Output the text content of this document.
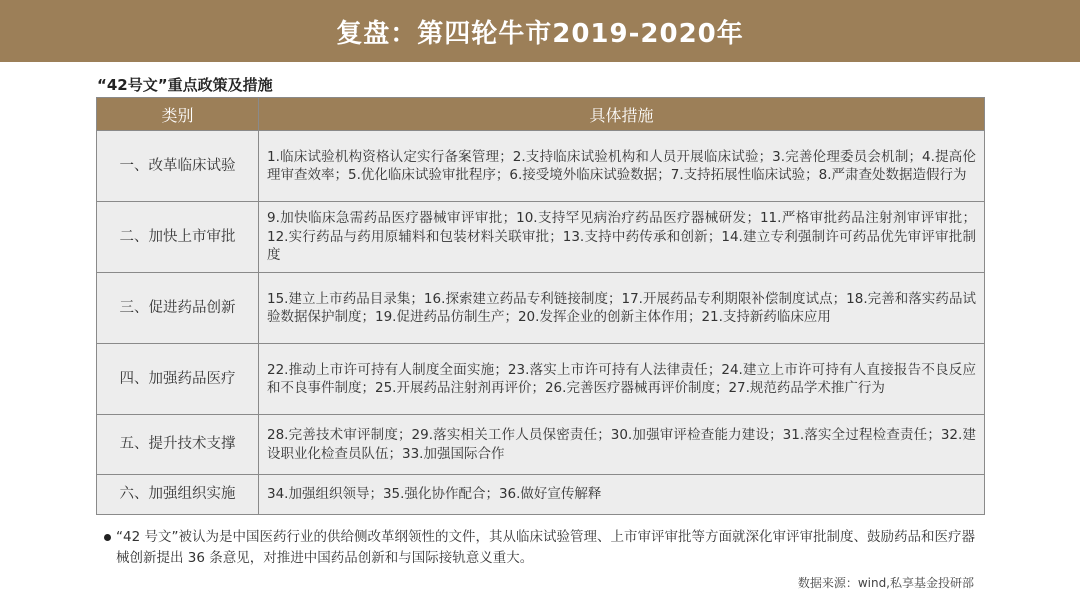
复盘：第四轮牛市2019-2020年
“42号文”重点政策及措施
类别	具体措施
一、改革临床试验	1.临床试验机构资格认定实行备案管理；2.支持临床试验机构和人员开展临床试验；3.完善伦理委员会机制；4.提高伦理审查效率；5.优化临床试验审批程序；6.接受境外临床试验数据；7.支持拓展性临床试验；8.严肃查处数据造假行为
二、加快上市审批	9.加快临床急需药品医疗器械审评审批；10.支持罕见病治疗药品医疗器械研发；11.严格审批药品注射剂审评审批；12.实行药品与药用原辅料和包装材料关联审批；13.支持中药传承和创新；14.建立专利强制许可药品优先审评审批制度
三、促进药品创新	15.建立上市药品目录集；16.探索建立药品专利链接制度；17.开展药品专利期限补偿制度试点；18.完善和落实药品试验数据保护制度；19.促进药品仿制生产；20.发挥企业的创新主体作用；21.支持新药临床应用
四、加强药品医疗	22.推动上市许可持有人制度全面实施；23.落实上市许可持有人法律责任；24.建立上市许可持有人直接报告不良反应和不良事件制度；25.开展药品注射剂再评价；26.完善医疗器械再评价制度；27.规范药品学术推广行为
五、提升技术支撑	28.完善技术审评制度；29.落实相关工作人员保密责任；30.加强审评检查能力建设；31.落实全过程检查责任；32.建设职业化检查员队伍；33.加强国际合作
六、加强组织实施	34.加强组织领导；35.强化协作配合；36.做好宣传解释
“42 号文”被认为是中国医药行业的供给侧改革纲领性的文件，其从临床试验管理、上市审评审批等方面就深化审评审批制度、鼓励药品和医疗器械创新提出 36 条意见，对推进中国药品创新和与国际接轨意义重大。
数据来源：wind,私享基金投研部
